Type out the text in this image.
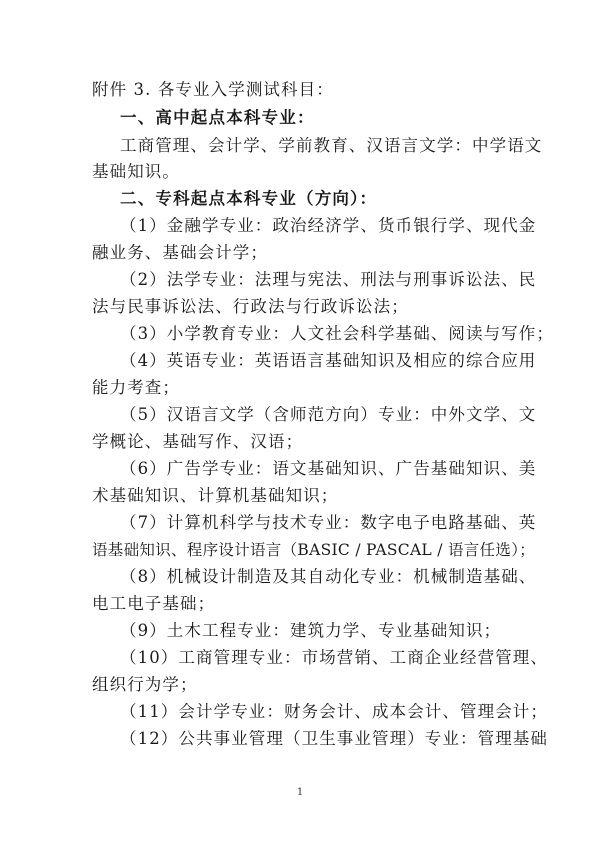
附件 3. 各专业入学测试科目：
一、高中起点本科专业：
工商管理、会计学、学前教育、汉语言文学：中学语文
基础知识。
二、专科起点本科专业（方向）：
（1）金融学专业：政治经济学、货币银行学、现代金
融业务、基础会计学；
（2）法学专业：法理与宪法、刑法与刑事诉讼法、民
法与民事诉讼法、行政法与行政诉讼法；
（3）小学教育专业：人文社会科学基础、阅读与写作；
（4）英语专业：英语语言基础知识及相应的综合应用
能力考查；
（5）汉语言文学（含师范方向）专业：中外文学、文
学概论、基础写作、汉语；
（6）广告学专业：语文基础知识、广告基础知识、美
术基础知识、计算机基础知识；
（7）计算机科学与技术专业：数字电子电路基础、英
语基础知识、程序设计语言（BASIC / PASCAL / 语言任选）；
（8）机械设计制造及其自动化专业：机械制造基础、
电工电子基础；
（9）土木工程专业：建筑力学、专业基础知识；
（10）工商管理专业：市场营销、工商企业经营管理、
组织行为学；
（11）会计学专业：财务会计、成本会计、管理会计；
（12）公共事业管理（卫生事业管理）专业：管理基础
1
